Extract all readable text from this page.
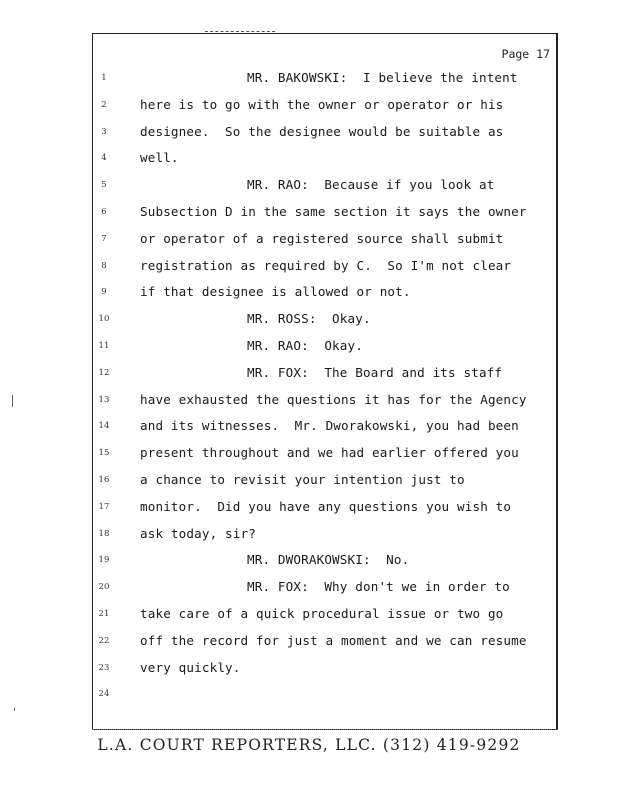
Page 17
1	MR. BAKOWSKI:  I believe the intent
2	here is to go with the owner or operator or his
3	designee.  So the designee would be suitable as
4	well.
5	MR. RAO:  Because if you look at
6	Subsection D in the same section it says the owner
7	or operator of a registered source shall submit
8	registration as required by C.  So I'm not clear
9	if that designee is allowed or not.
10	MR. ROSS:  Okay.
11	MR. RAO:  Okay.
12	MR. FOX:  The Board and its staff
13	have exhausted the questions it has for the Agency
14	and its witnesses.  Mr. Dworakowski, you had been
15	present throughout and we had earlier offered you
16	a chance to revisit your intention just to
17	monitor.  Did you have any questions you wish to
18	ask today, sir?
19	MR. DWORAKOWSKI:  No.
20	MR. FOX:  Why don't we in order to
21	take care of a quick procedural issue or two go
22	off the record for just a moment and we can resume
23	very quickly.
24
L.A. COURT REPORTERS, LLC. (312) 419-9292
